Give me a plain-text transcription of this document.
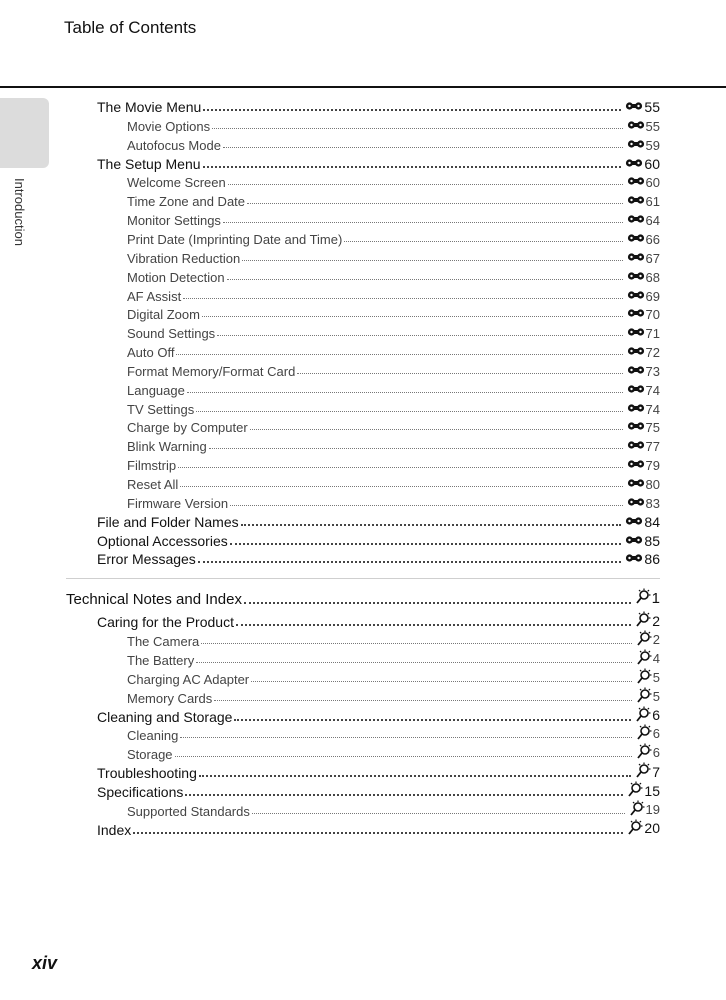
Table of Contents
Introduction
The Movie Menu	55
Movie Options	55
Autofocus Mode	59
The Setup Menu	60
Welcome Screen	60
Time Zone and Date	61
Monitor Settings	64
Print Date (Imprinting Date and Time)	66
Vibration Reduction	67
Motion Detection	68
AF Assist	69
Digital Zoom	70
Sound Settings	71
Auto Off	72
Format Memory/Format Card	73
Language	74
TV Settings	74
Charge by Computer	75
Blink Warning	77
Filmstrip	79
Reset All	80
Firmware Version	83
File and Folder Names	84
Optional Accessories	85
Error Messages	86
Technical Notes and Index	1
Caring for the Product	2
The Camera	2
The Battery	4
Charging AC Adapter	5
Memory Cards	5
Cleaning and Storage	6
Cleaning	6
Storage	6
Troubleshooting	7
Specifications	15
Supported Standards	19
Index	20
xiv
